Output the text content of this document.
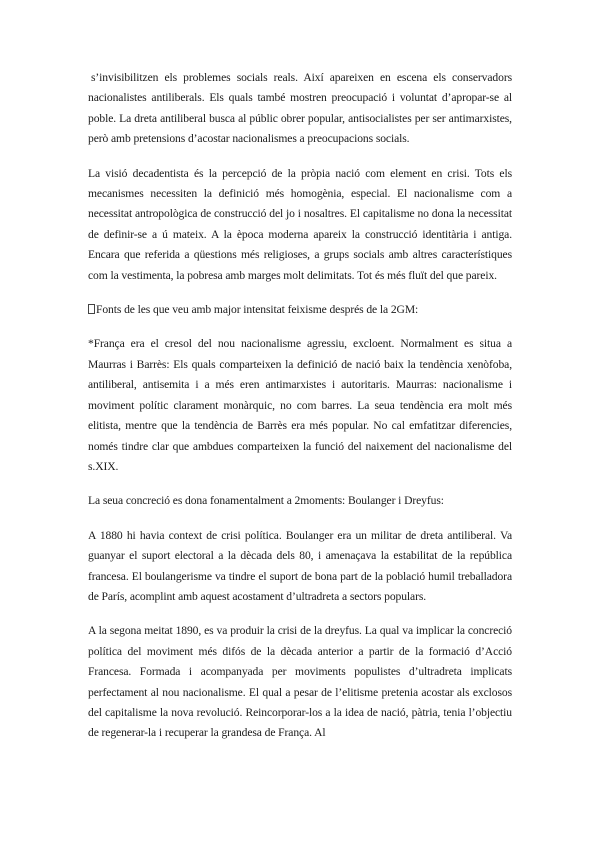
s’invisibilitzen els problemes socials reals. Així apareixen en escena els conservadors nacionalistes antiliberals. Els quals també mostren preocupació i voluntat d’apropar-se al poble. La dreta antiliberal busca al públic obrer popular, antisocialistes per ser antimarxistes, però amb pretensions d’acostar nacionalismes a preocupacions socials.

La visió decadentista és la percepció de la pròpia nació com element en crisi. Tots els mecanismes necessiten la definició més homogènia, especial. El nacionalisme com a necessitat antropològica de construcció del jo i nosaltres. El capitalisme no dona la necessitat de definir-se a ú mateix. A la època moderna apareix la construcció identitària i antiga. Encara que referida a qüestions més religioses, a grups socials amb altres característiques com la vestimenta, la pobresa amb marges molt delimitats. Tot és més fluït del que pareix.

Fonts de les que veu amb major intensitat feixisme després de la 2GM:

*França era el cresol del nou nacionalisme agressiu, excloent. Normalment es situa a Maurras i Barrès: Els quals comparteixen la definició de nació baix la tendència xenòfoba, antiliberal, antisemita i a més eren antimarxistes i autoritaris. Maurras: nacionalisme i moviment polític clarament monàrquic, no com barres. La seua tendència era molt més elitista, mentre que la tendència de Barrès era més popular. No cal emfatitzar diferencies, només tindre clar que ambdues comparteixen la funció del naixement del nacionalisme del s.XIX.

La seua concreció es dona fonamentalment a 2moments: Boulanger i Dreyfus:

A 1880 hi havia context de crisi política. Boulanger era un militar de dreta antiliberal. Va guanyar el suport electoral a la dècada dels 80, i amenaçava la estabilitat de la república francesa. El boulangerisme va tindre el suport de bona part de la població humil treballadora de París, acomplint amb aquest acostament d’ultradreta a sectors populars.

A la segona meitat 1890, es va produir la crisi de la dreyfus. La qual va implicar la concreció política del moviment més difós de la dècada anterior a partir de la formació d’Acció Francesa. Formada i acompanyada per moviments populistes d’ultradreta implicats perfectament al nou nacionalisme. El qual a pesar de l’elitisme pretenia acostar als exclosos del capitalisme la nova revolució. Reincorporar-los a la idea de nació, pàtria, tenia l’objectiu de regenerar-la i recuperar la grandesa de França. Al
